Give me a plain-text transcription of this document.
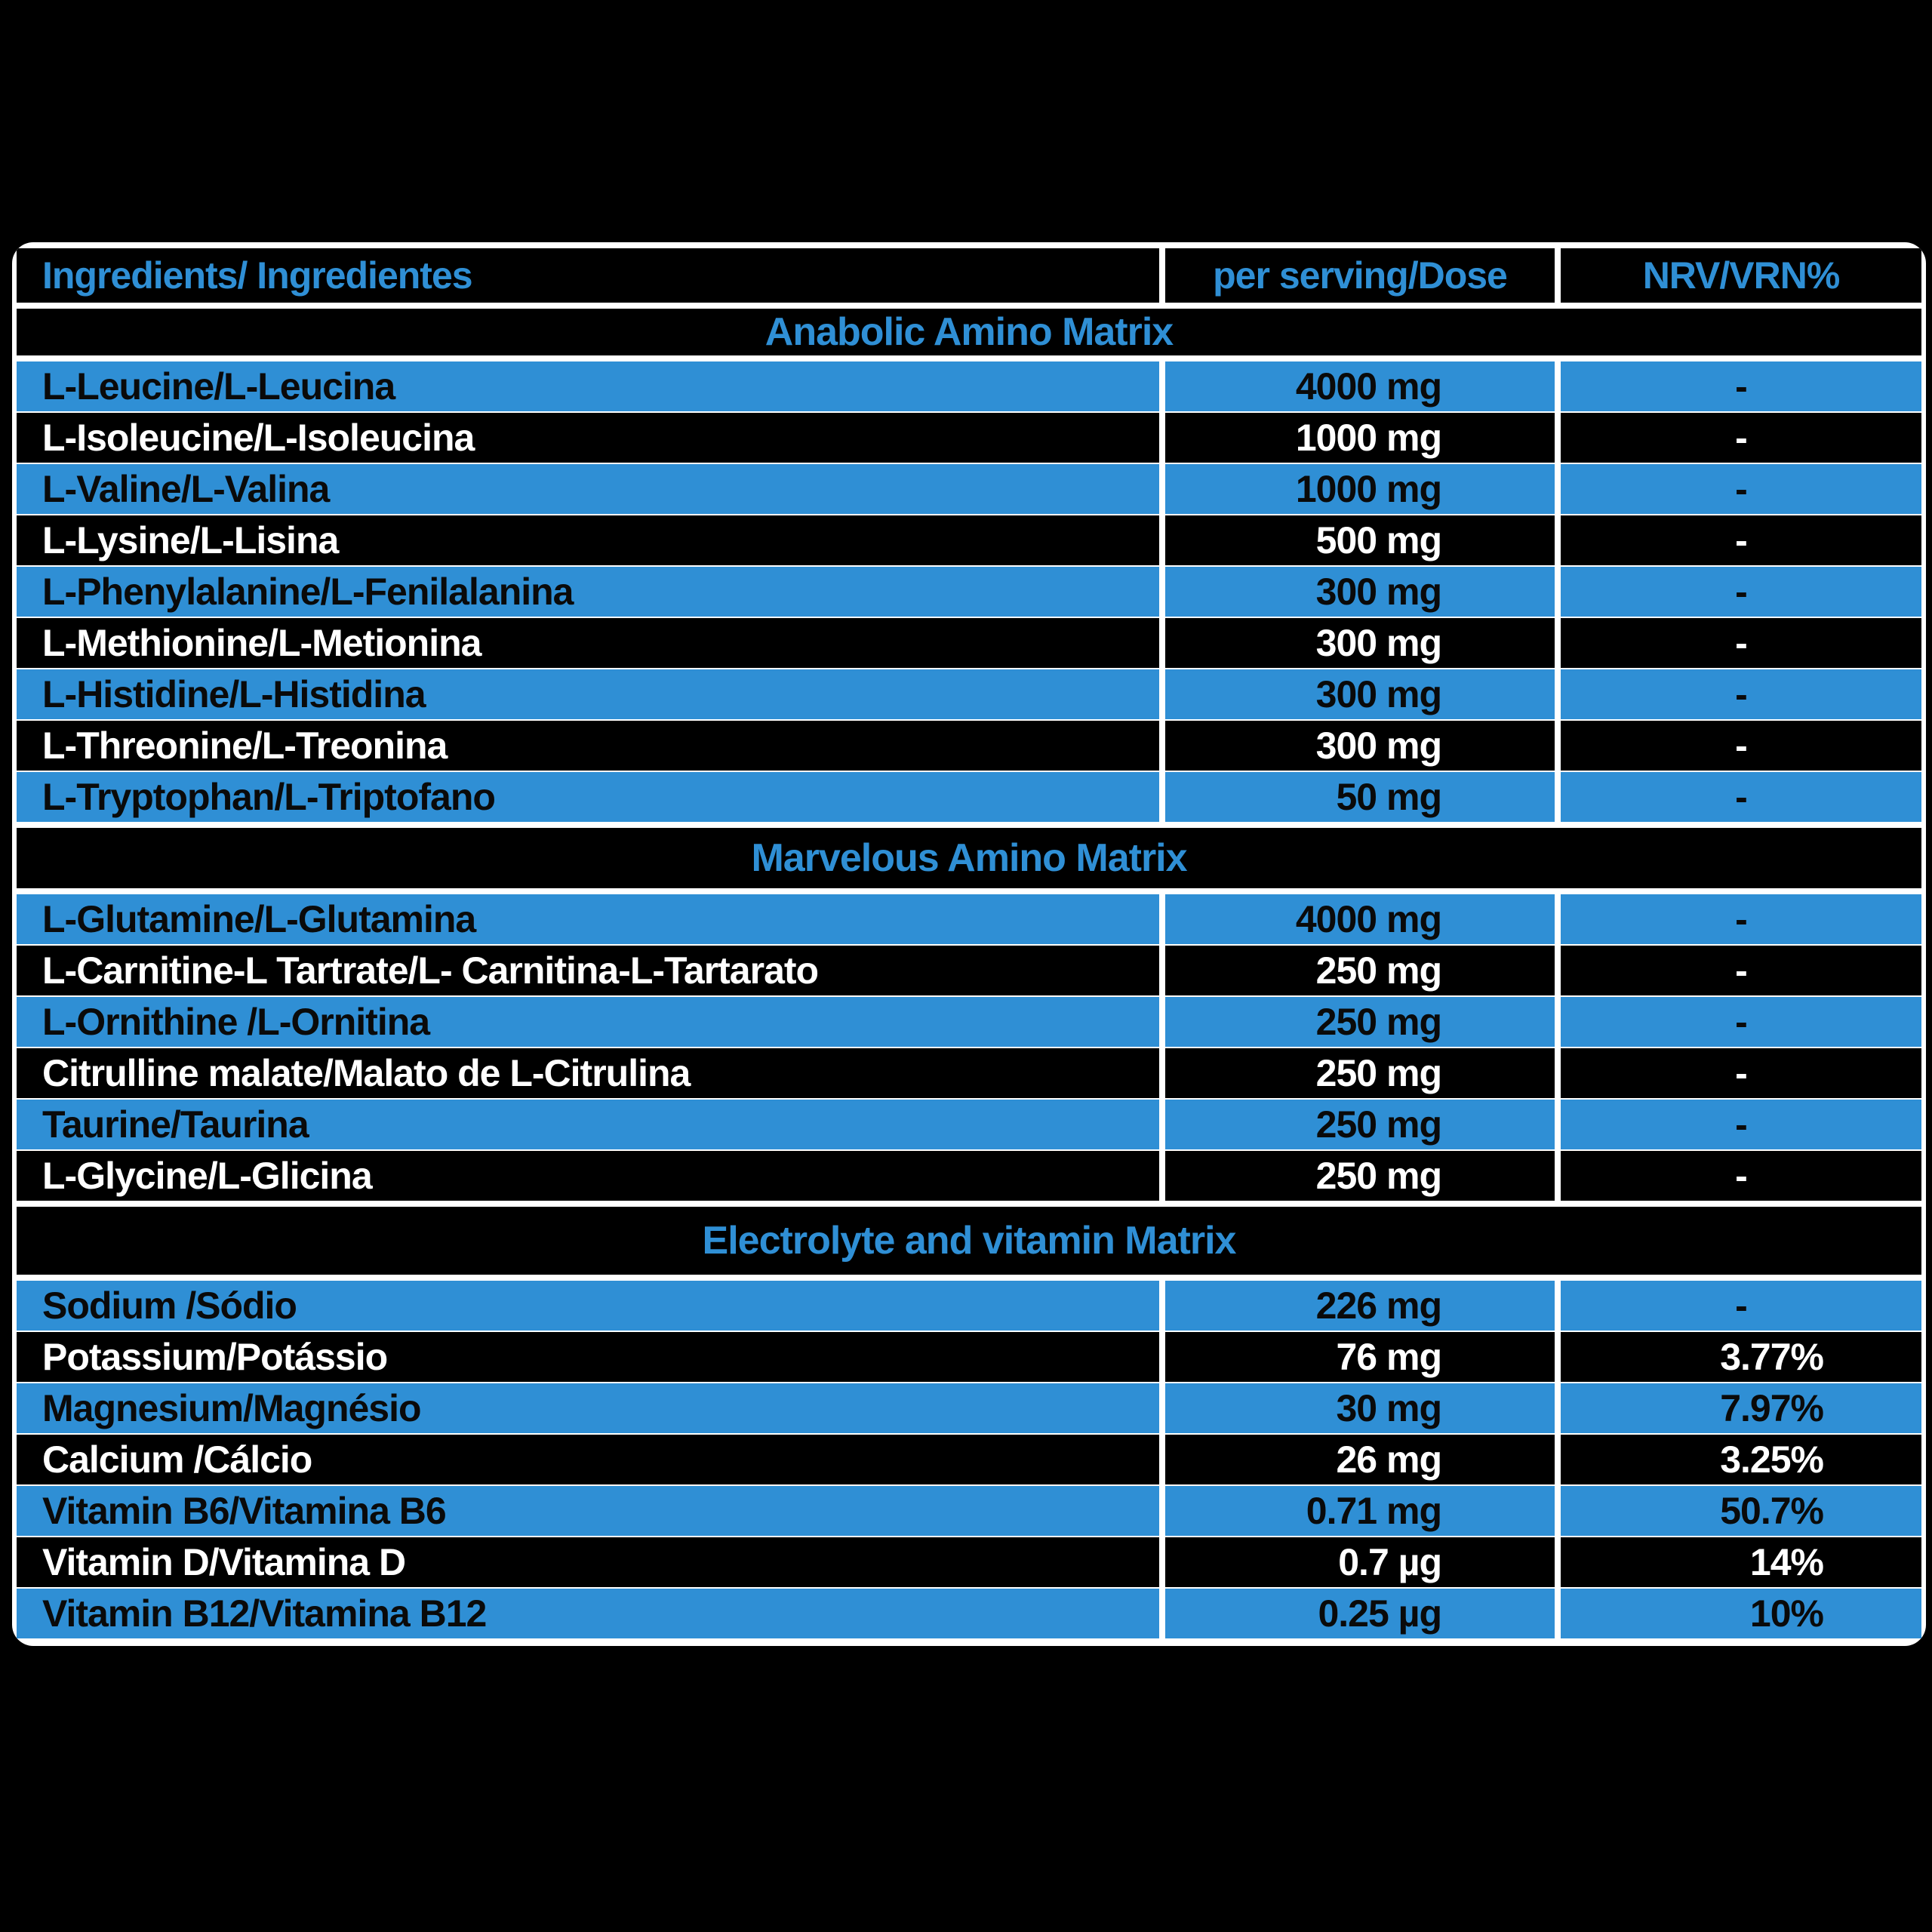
Ingredients/ Ingredientes	per serving/Dose	NRV/VRN%
Anabolic Amino Matrix
L-Leucine/L-Leucina	4000 mg	-
L-Isoleucine/L-Isoleucina	1000 mg	-
L-Valine/L-Valina	1000 mg	-
L-Lysine/L-Lisina	500 mg	-
L-Phenylalanine/L-Fenilalanina	300 mg	-
L-Methionine/L-Metionina	300 mg	-
L-Histidine/L-Histidina	300 mg	-
L-Threonine/L-Treonina	300 mg	-
L-Tryptophan/L-Triptofano	50 mg	-
Marvelous Amino Matrix
L-Glutamine/L-Glutamina	4000 mg	-
L-Carnitine-L Tartrate/L- Carnitina-L-Tartarato	250 mg	-
L-Ornithine /L-Ornitina	250 mg	-
Citrulline malate/Malato de L-Citrulina	250 mg	-
Taurine/Taurina	250 mg	-
L-Glycine/L-Glicina	250 mg	-
Electrolyte and vitamin Matrix
Sodium /Sódio	226 mg	-
Potassium/Potássio	76 mg	3.77%
Magnesium/Magnésio	30 mg	7.97%
Calcium /Cálcio	26 mg	3.25%
Vitamin B6/Vitamina B6	0.71 mg	50.7%
Vitamin D/Vitamina D	0.7 µg	14%
Vitamin B12/Vitamina B12	0.25 µg	10%
